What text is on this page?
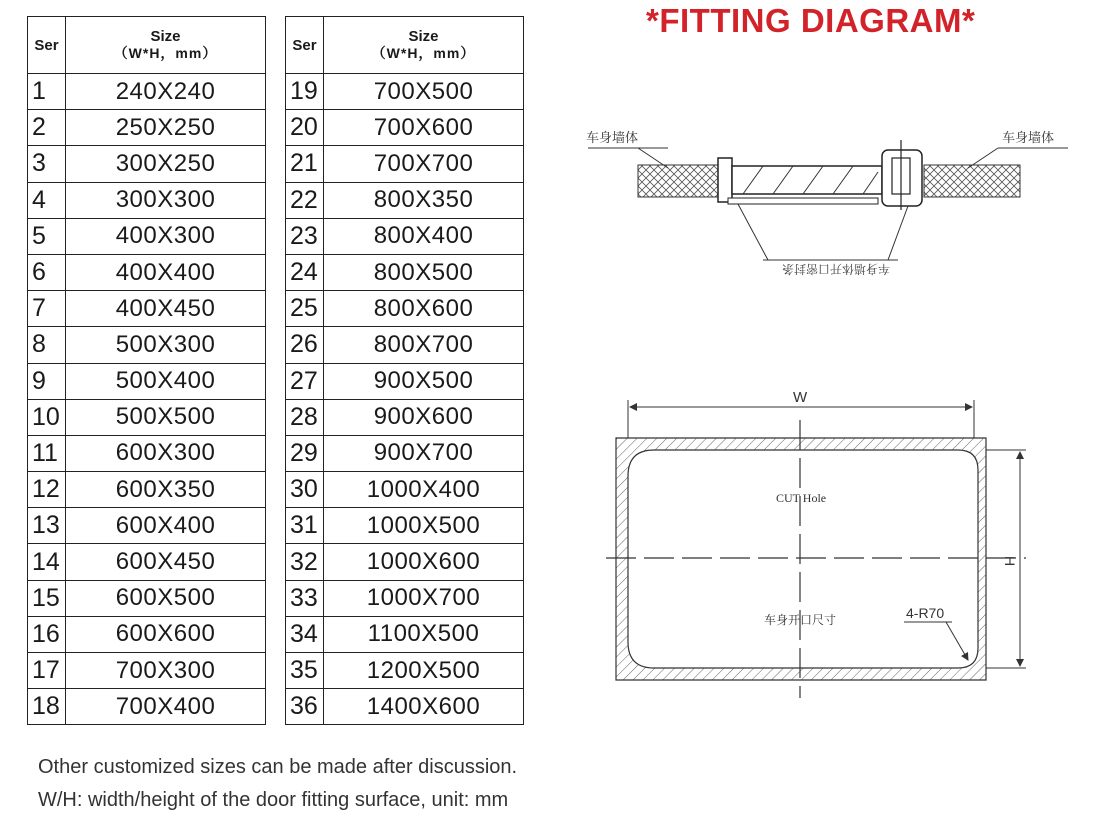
Ser	Size
（W*H，mm）

1	240X240
2	250X250
3	300X250
4	300X300
5	400X300
6	400X400
7	400X450
8	500X300
9	500X400
10	500X500
11	600X300
12	600X350
13	600X400
14	600X450
15	600X500
16	600X600
17	700X300
18	700X400
Ser	Size
（W*H，mm）

19	700X500
20	700X600
21	700X700
22	800X350
23	800X400
24	800X500
25	800X600
26	800X700
27	900X500
28	900X600
29	900X700
30	1000X400
31	1000X500
32	1000X600
33	1000X700
34	1100X500
35	1200X500
36	1400X600
*FITTING DIAGRAM*
车身墙体	车身墙体
车身墙体开口密封条
W
H
CUT Hole
车身开口尺寸	4-R70
Other customized sizes can be made after discussion.
W/H: width/height of the door fitting surface, unit: mm
